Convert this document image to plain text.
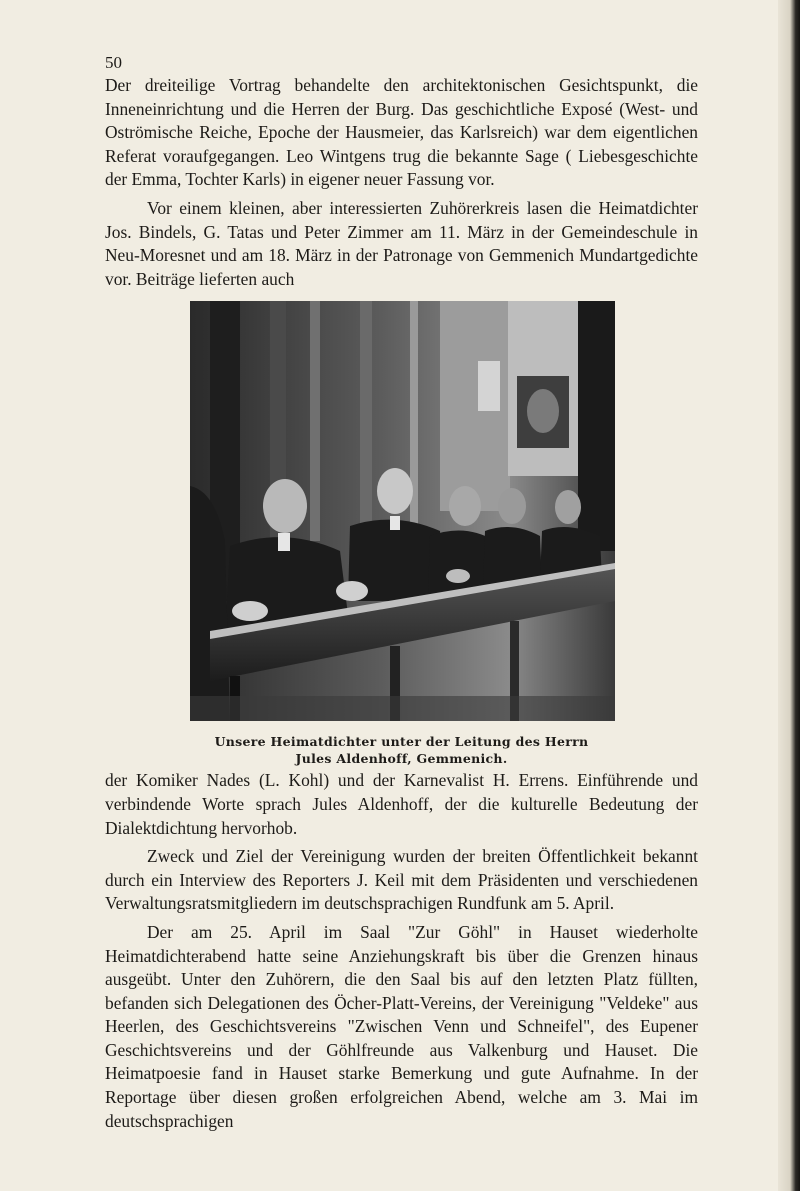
50

Der dreiteilige Vortrag behandelte den architektonischen Gesichtspunkt, die Inneneinrichtung und die Herren der Burg. Das geschichtliche Exposé (West- und Oströmische Reiche, Epoche der Hausmeier, das Karlsreich) war dem eigentlichen Referat voraufgegangen. Leo Wintgens trug die bekannte Sage ( Liebesgeschichte der Emma, Tochter Karls) in eigener neuer Fassung vor.

Vor einem kleinen, aber interessierten Zuhörerkreis lasen die Heimatdichter Jos. Bindels, G. Tatas und Peter Zimmer am 11. März in der Gemeindeschule in Neu-Moresnet und am 18. März in der Patronage von Gemmenich Mundartgedichte vor. Beiträge lieferten auch

Unsere Heimatdichter unter der Leitung des Herrn
Jules Aldenhoff, Gemmenich.

der Komiker Nades (L. Kohl) und der Karnevalist H. Errens. Einführende und verbindende Worte sprach Jules Aldenhoff, der die kulturelle Bedeutung der Dialektdichtung hervorhob.

Zweck und Ziel der Vereinigung wurden der breiten Öffentlichkeit bekannt durch ein Interview des Reporters J. Keil mit dem Präsidenten und verschiedenen Verwaltungsratsmitgliedern im deutschsprachigen Rundfunk am 5. April.

Der am 25. April im Saal "Zur Göhl" in Hauset wiederholte Heimatdichterabend hatte seine Anziehungskraft bis über die Grenzen hinaus ausgeübt. Unter den Zuhörern, die den Saal bis auf den letzten Platz füllten, befanden sich Delegationen des Öcher-Platt-Vereins, der Vereinigung "Veldeke" aus Heerlen, des Geschichtsvereins "Zwischen Venn und Schneifel", des Eupener Geschichtsvereins und der Göhlfreunde aus Valkenburg und Hauset. Die Heimatpoesie fand in Hauset starke Bemerkung und gute Aufnahme. In der Reportage über diesen großen erfolgreichen Abend, welche am 3. Mai im deutschsprachigen
